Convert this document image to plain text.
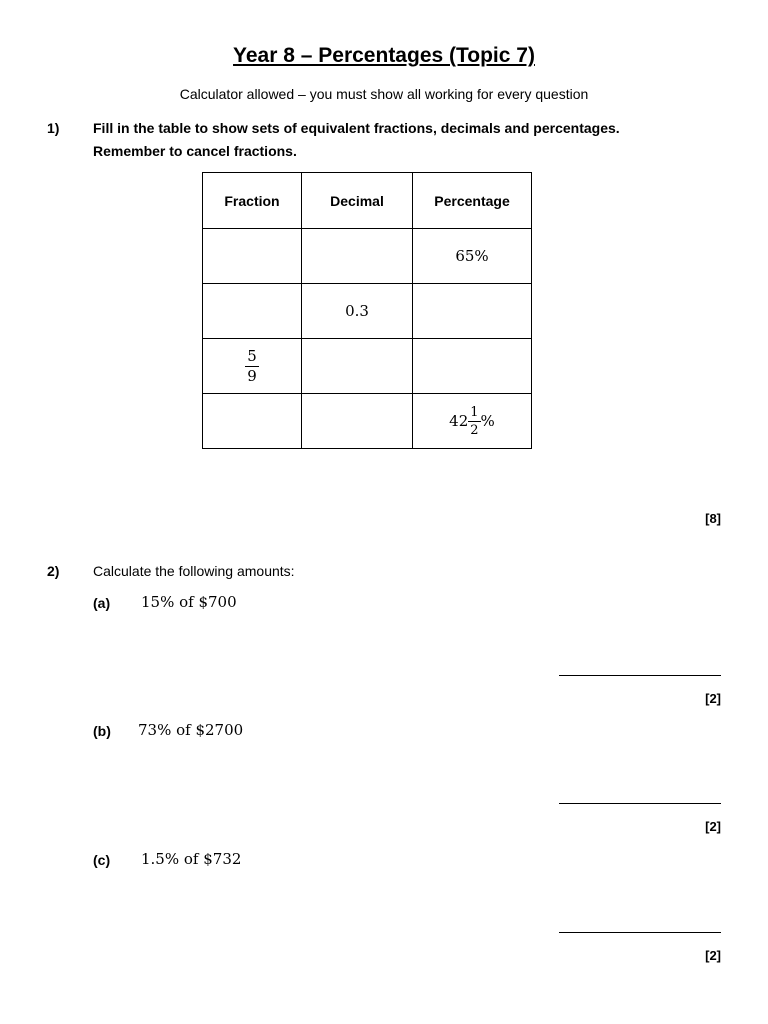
Year 8 – Percentages (Topic 7)
Calculator allowed – you must show all working for every question
1) Fill in the table to show sets of equivalent fractions, decimals and percentages.
Remember to cancel fractions.
Fraction	Decimal	Percentage
		65%
	0.3	

$\frac{5}{9}$

		$42 \frac{1}{2}$ %
[8]
2) Calculate the following amounts:
(a) 15% of $700
[2]
(b) 73% of $2700
[2]
(c) 1.5% of $732
[2]
